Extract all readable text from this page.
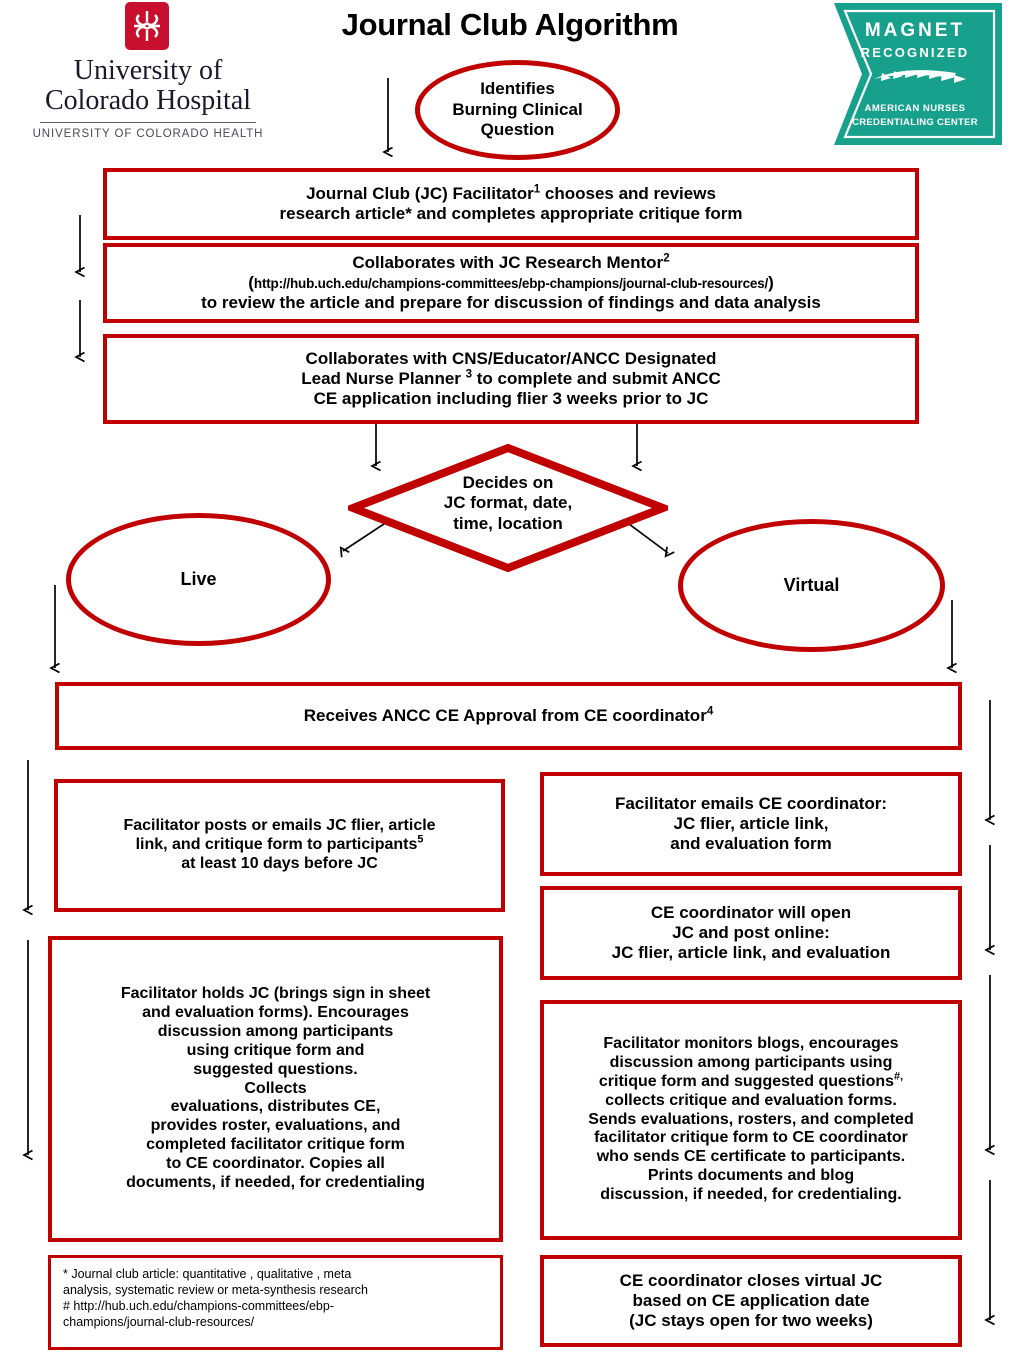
Journal Club Algorithm
University of
Colorado Hospital
UNIVERSITY OF COLORADO HEALTH
MAGNET
RECOGNIZED
AMERICAN NURSES
CREDENTIALING CENTER
Identifies
Burning Clinical
Question
Journal Club (JC) Facilitator$^1$ chooses and reviews
research article* and completes appropriate critique form
Collaborates with JC Research Mentor$^2$
(http://hub.uch.edu/champions-committees/ebp-champions/journal-club-resources/)
to review the article and prepare for discussion of findings and data analysis
Collaborates with CNS/Educator/ANCC Designated
Lead Nurse Planner $^3$ to complete and submit ANCC
CE application including flier 3 weeks prior to JC
Decides on
JC format, date,
time, location
Live	Virtual
Receives ANCC CE Approval from CE coordinator$^4$
Facilitator posts or emails JC flier, article
link, and critique form to participants$^5$
at least 10 days before JC
Facilitator holds JC (brings sign in sheet
and evaluation forms). Encourages
discussion among participants
using critique form and
suggested questions.
Collects
evaluations, distributes CE,
provides roster, evaluations, and
completed facilitator critique form
to CE coordinator. Copies all
documents, if needed, for credentialing
Facilitator emails CE coordinator:
JC flier, article link,
and evaluation form
CE coordinator will open
JC and post online:
JC flier, article link, and evaluation
Facilitator monitors blogs, encourages
discussion among participants using
critique form and suggested questions#,
collects critique and evaluation forms.
Sends evaluations, rosters, and completed
facilitator critique form to CE coordinator
who sends CE certificate to participants.
Prints documents and blog
discussion, if needed, for credentialing.
CE coordinator closes virtual JC
based on CE application date
(JC stays open for two weeks)
* Journal club article: quantitative , qualitative , meta
analysis, systematic review or meta-synthesis research
# http://hub.uch.edu/champions-committees/ebp-
champions/journal-club-resources/
